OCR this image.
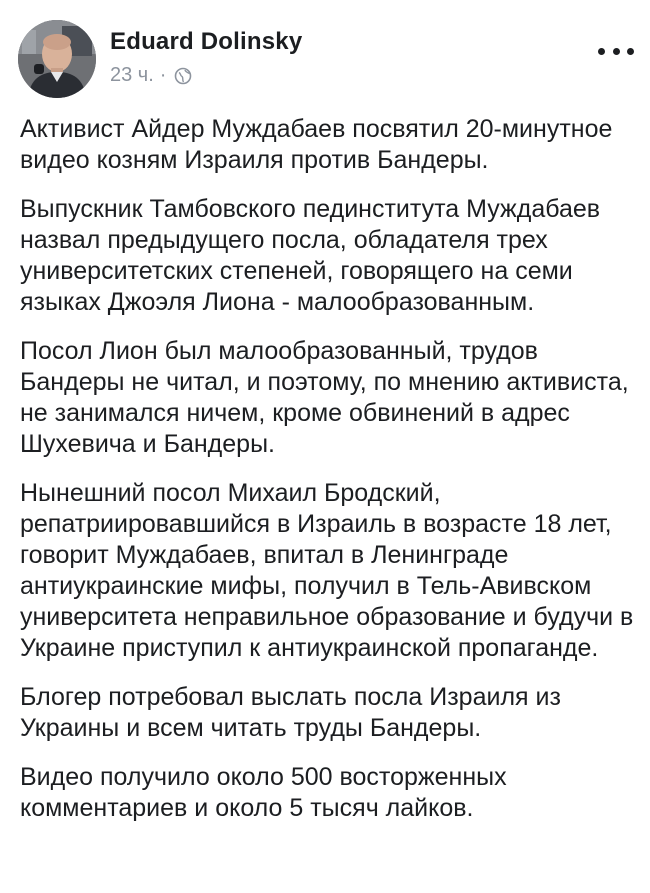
Eduard Dolinsky
23 ч. ·

Активист Айдер Муждабаев посвятил 20-минутное видео козням Израиля против Бандеры.

Выпускник Тамбовского пединститута Муждабаев назвал предыдущего посла, обладателя трех университетских степеней, говорящего на семи языках Джоэля Лиона - малообразованным.

Посол Лион был малообразованный, трудов Бандеры не читал, и поэтому, по мнению активиста, не занимался ничем, кроме обвинений в адрес Шухевича и Бандеры.

Нынешний посол Михаил Бродский, репатриировавшийся в Израиль в возрасте 18 лет, говорит Муждабаев, впитал в Ленинграде антиукраинские мифы, получил в Тель-Авивском университета неправильное образование и будучи в Украине приступил к антиукраинской пропаганде.

Блогер потребовал выслать посла Израиля из Украины и всем читать труды Бандеры.

Видео получило около 500 восторженных комментариев и около 5 тысяч лайков.
